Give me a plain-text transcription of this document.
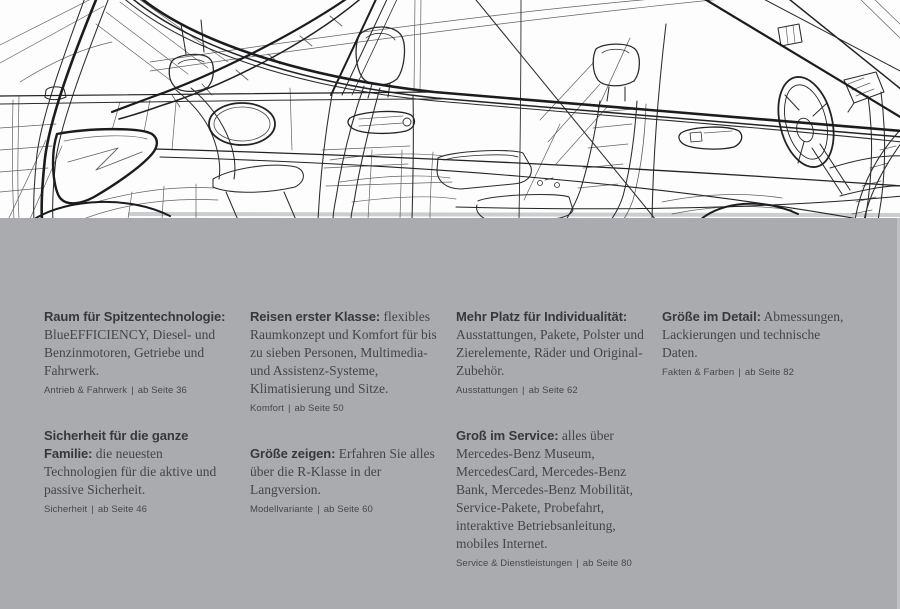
Raum für Spitzentechnologie: BlueEFFICIENCY, Diesel- und Benzinmotoren, Getriebe und Fahrwerk.

Antrieb & Fahrwerk | ab Seite 36

Sicherheit für die ganze Familie: die neuesten Technologien für die aktive und passive Sicherheit.

Sicherheit | ab Seite 46

Reisen erster Klasse: flexibles Raumkonzept und Komfort für bis zu sieben Personen, Multimedia- und Assistenz-Systeme, Klimatisierung und Sitze.

Komfort | ab Seite 50

Größe zeigen: Erfahren Sie alles über die R-Klasse in der Langversion.

Modellvariante | ab Seite 60

Mehr Platz für Individualität: Ausstattungen, Pakete, Polster und Zierelemente, Räder und Original-Zubehör.

Ausstattungen | ab Seite 62

Groß im Service: alles über Mercedes-Benz Museum, MercedesCard, Mercedes-Benz Bank, Mercedes-Benz Mobilität, Service-Pakete, Probefahrt, interaktive Betriebsanleitung, mobiles Internet.

Service & Dienstleistungen | ab Seite 80

Größe im Detail: Abmessungen, Lackierungen und technische Daten.

Fakten & Farben | ab Seite 82
